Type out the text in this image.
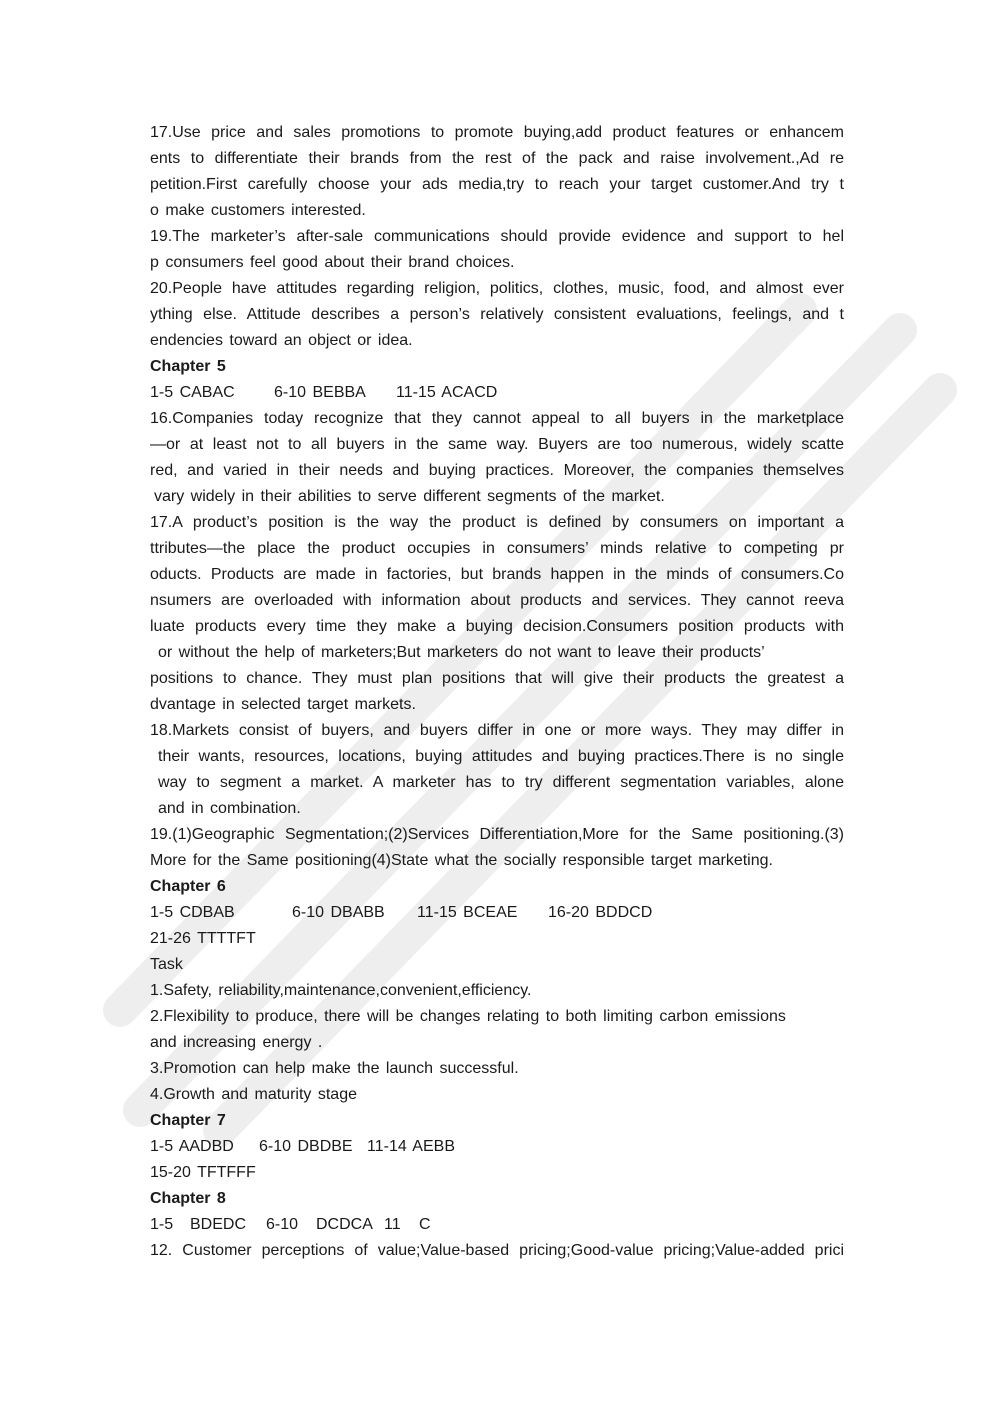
17.Use price and sales promotions to promote buying,add product features or enhancem
ents to differentiate their brands from the rest of the pack and raise involvement.,Ad re
petition.First carefully choose your ads media,try to reach your target customer.And try t
o make customers interested.
19.The marketer’s after-sale communications should provide evidence and support to hel
p consumers feel good about their brand choices.
20.People have attitudes regarding religion, politics, clothes, music, food, and almost ever
ything else. Attitude describes a person’s relatively consistent evaluations, feelings, and t
endencies toward an object or idea.
Chapter 5
1-5 CABAC 6-10 BEBBA 11-15 ACACD
16.Companies today recognize that they cannot appeal to all buyers in the marketplace
—or at least not to all buyers in the same way. Buyers are too numerous, widely scatte
red, and varied in their needs and buying practices. Moreover, the companies themselves
vary widely in their abilities to serve different segments of the market.
17.A product’s position is the way the product is defined by consumers on important a
ttributes—the place the product occupies in consumers’ minds relative to competing pr
oducts. Products are made in factories, but brands happen in the minds of consumers.Co
nsumers are overloaded with information about products and services. They cannot reeva
luate products every time they make a buying decision.Consumers position products with
or without the help of marketers;But marketers do not want to leave their products’
positions to chance. They must plan positions that will give their products the greatest a
dvantage in selected target markets.
18.Markets consist of buyers, and buyers differ in one or more ways. They may differ in
their wants, resources, locations, buying attitudes and buying practices.There is no single
way to segment a market. A marketer has to try different segmentation variables, alone
and in combination.
19.(1)Geographic Segmentation;(2)Services Differentiation,More for the Same positioning.(3)
More for the Same positioning(4)State what the socially responsible target marketing.
Chapter 6
1-5 CDBAB	6-10 DBABB 11-15 BCEAE 16-20 BDDCD
21-26 TTTTFT
Task
1.Safety, reliability,maintenance,convenient,efficiency.
2.Flexibility to produce, there will be changes relating to both limiting carbon emissions
and increasing energy .
3.Promotion can help make the launch successful.
4.Growth and maturity stage
Chapter 7
1-5 AADBD 6-10 DBDBE 11-14 AEBB
15-20 TFTFFF
Chapter 8
1-5 BDEDC 6-10 DCDCA 11 C
12. Customer perceptions of value;Value-based pricing;Good-value pricing;Value-added prici
